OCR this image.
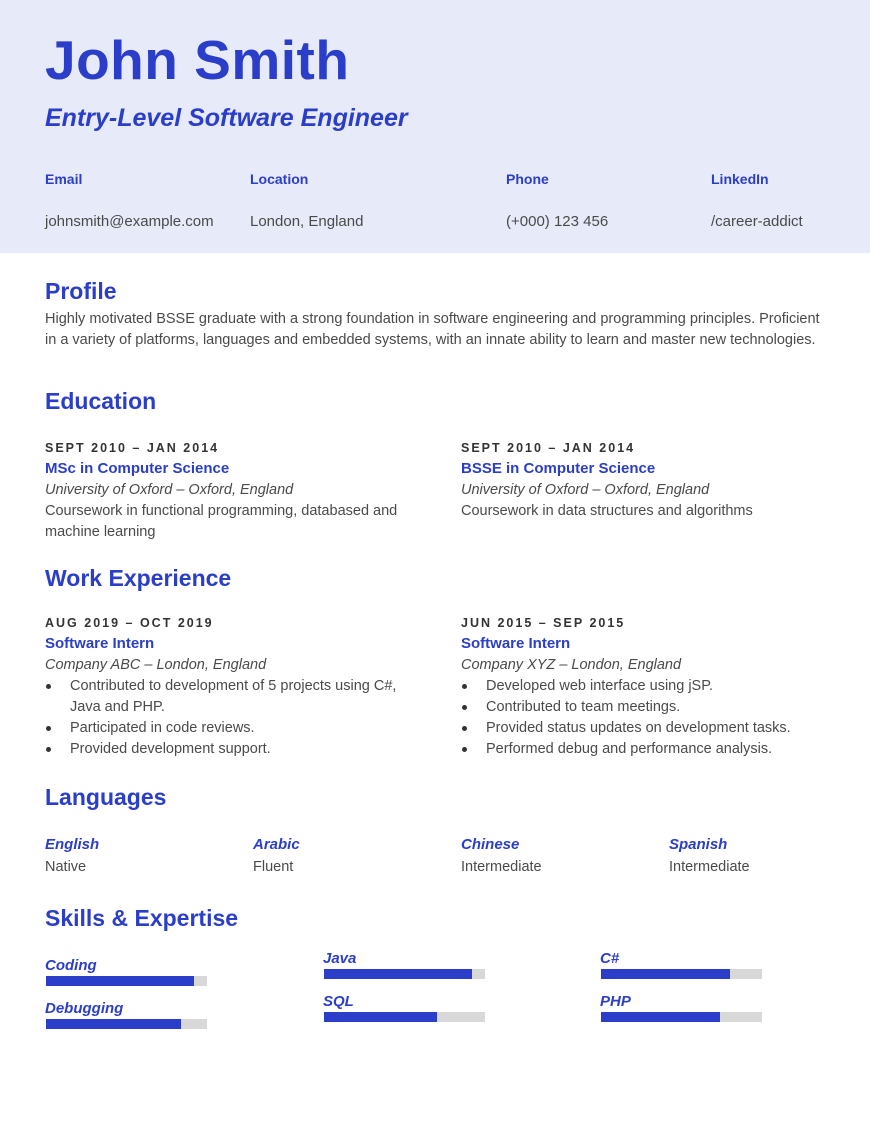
John Smith
Entry-Level Software Engineer
Email
johnsmith@example.com
Location
London, England
Phone
(+000) 123 456
LinkedIn
/career-addict
Profile
Highly motivated BSSE graduate with a strong foundation in software engineering and programming principles. Proficient in a variety of platforms, languages and embedded systems, with an innate ability to learn and master new technologies.
Education
SEPT 2010 – JAN 2014
MSc in Computer Science
University of Oxford – Oxford, England
Coursework in functional programming, databased and machine learning
SEPT 2010 – JAN 2014
BSSE in Computer Science
University of Oxford – Oxford, England
Coursework in data structures and algorithms
Work Experience
AUG 2019 – OCT 2019
Software Intern
Company ABC – London, England
Contributed to development of 5 projects using C#, Java and PHP.
Participated in code reviews.
Provided development support.
JUN 2015 – SEP 2015
Software Intern
Company XYZ – London, England
Developed web interface using jSP.
Contributed to team meetings.
Provided status updates on development tasks.
Performed debug and performance analysis.
Languages
English
Native
Arabic
Fluent
Chinese
Intermediate
Spanish
Intermediate
Skills & Expertise
Coding
Debugging
Java
SQL
C#
PHP
